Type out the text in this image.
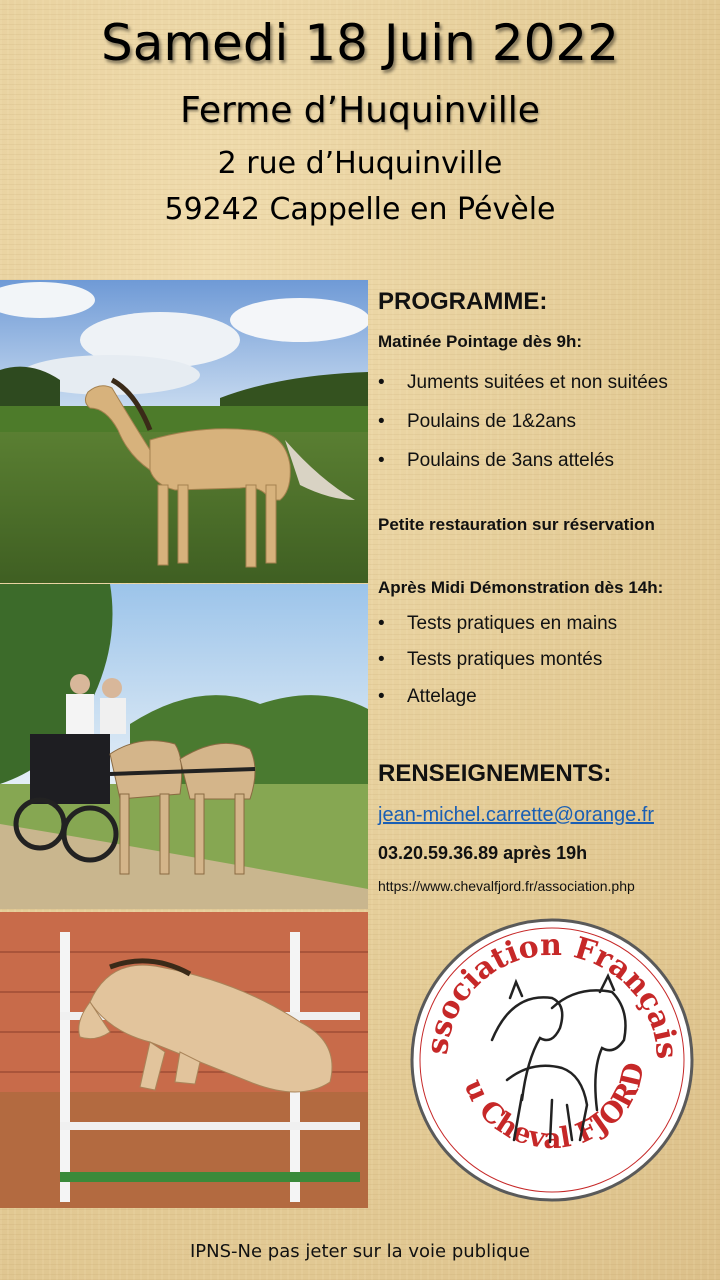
Samedi 18 Juin 2022
Ferme d’Huquinville
2 rue d’Huquinville
59242 Cappelle en Pévèle
PROGRAMME:
Matinée Pointage dès 9h:
• Juments suitées et non suitées
• Poulains de 1&2ans
• Poulains de 3ans attelés
Petite restauration sur réservation
Après Midi Démonstration dès 14h:
• Tests pratiques en mains
• Tests pratiques montés
• Attelage
RENSEIGNEMENTS:
jean-michel.carrette@orange.fr
03.20.59.36.89 après 19h
https://www.chevalfjord.fr/association.php
ssociation Français
u Cheval FJORD
IPNS-Ne pas jeter sur la voie publique
